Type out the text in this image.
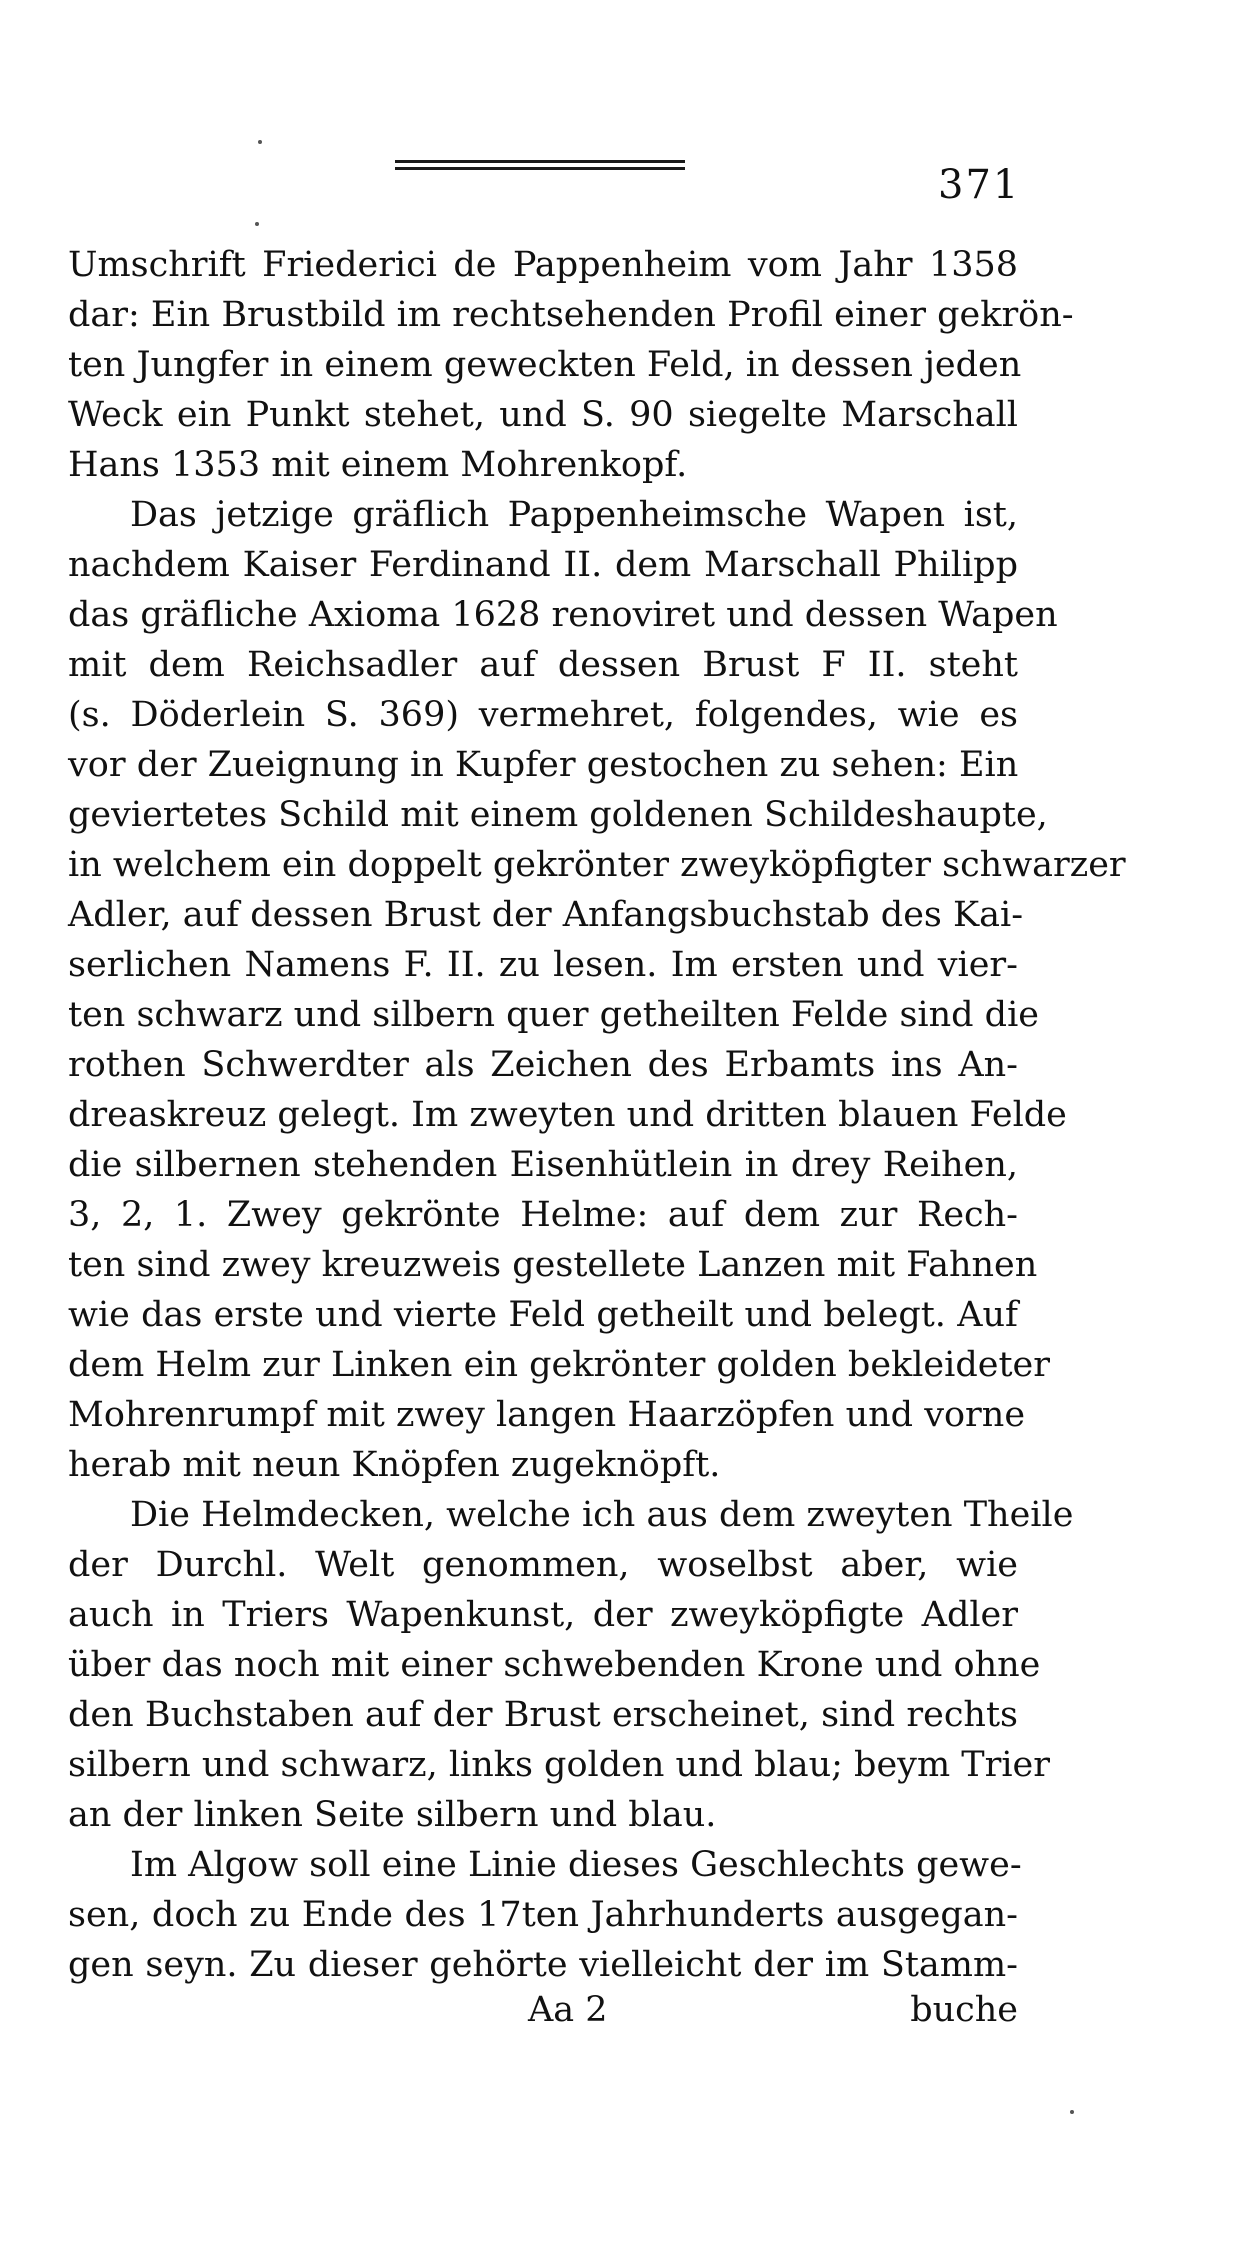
371
Umschrift Friederici de Pappenheim vom Jahr 1358
dar: Ein Brustbild im rechtsehenden Profil einer gekrön-
ten Jungfer in einem geweckten Feld, in dessen jeden
Weck ein Punkt stehet, und S. 90 siegelte Marschall
Hans 1353 mit einem Mohrenkopf.
Das jetzige gräflich Pappenheimsche Wapen ist,
nachdem Kaiser Ferdinand II. dem Marschall Philipp
das gräfliche Axioma 1628 renoviret und dessen Wapen
mit dem Reichsadler auf dessen Brust F II. steht
(s. Döderlein S. 369) vermehret, folgendes, wie es
vor der Zueignung in Kupfer gestochen zu sehen: Ein
geviertetes Schild mit einem goldenen Schildeshaupte,
in welchem ein doppelt gekrönter zweyköpfigter schwarzer
Adler, auf dessen Brust der Anfangsbuchstab des Kai-
serlichen Namens F. II. zu lesen. Im ersten und vier-
ten schwarz und silbern quer getheilten Felde sind die
rothen Schwerdter als Zeichen des Erbamts ins An-
dreaskreuz gelegt. Im zweyten und dritten blauen Felde
die silbernen stehenden Eisenhütlein in drey Reihen,
3, 2, 1. Zwey gekrönte Helme: auf dem zur Rech-
ten sind zwey kreuzweis gestellete Lanzen mit Fahnen
wie das erste und vierte Feld getheilt und belegt. Auf
dem Helm zur Linken ein gekrönter golden bekleideter
Mohrenrumpf mit zwey langen Haarzöpfen und vorne
herab mit neun Knöpfen zugeknöpft.
Die Helmdecken, welche ich aus dem zweyten Theile
der Durchl. Welt genommen, woselbst aber, wie
auch in Triers Wapenkunst, der zweyköpfigte Adler
über das noch mit einer schwebenden Krone und ohne
den Buchstaben auf der Brust erscheinet, sind rechts
silbern und schwarz, links golden und blau; beym Trier
an der linken Seite silbern und blau.
Im Algow soll eine Linie dieses Geschlechts gewe-
sen, doch zu Ende des 17ten Jahrhunderts ausgegan-
gen seyn. Zu dieser gehörte vielleicht der im Stamm-
Aa 2	buche
